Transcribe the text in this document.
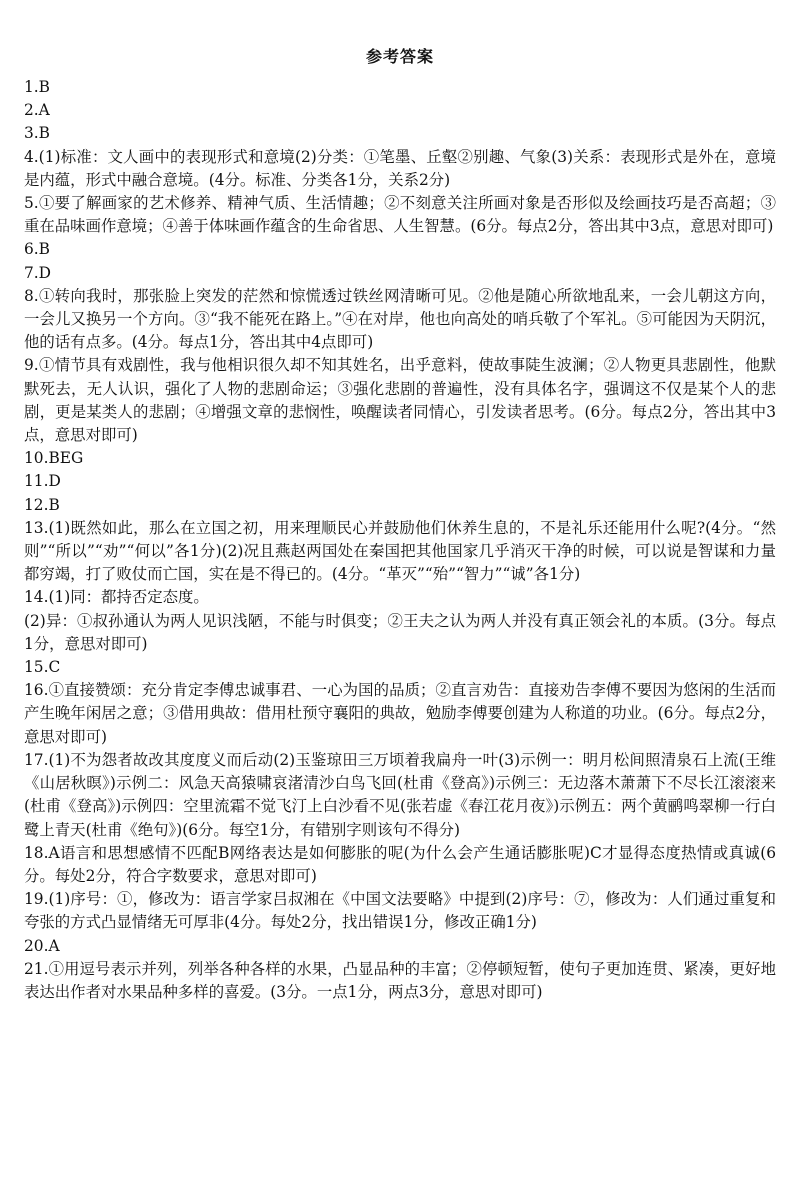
参考答案
1.B
2.A
3.B
4.(1)标准：文人画中的表现形式和意境(2)分类：①笔墨、丘壑②别趣、气象(3)关系：表现形式是外在，意境是内蕴，形式中融合意境。(4分。标准、分类各1分，关系2分)
5.①要了解画家的艺术修养、精神气质、生活情趣；②不刻意关注所画对象是否形似及绘画技巧是否高超；③重在品味画作意境；④善于体味画作蕴含的生命省思、人生智慧。(6分。每点2分，答出其中3点，意思对即可)
6.B
7.D
8.①转向我时，那张脸上突发的茫然和惊慌透过铁丝网清晰可见。②他是随心所欲地乱来，一会儿朝这方向，一会儿又换另一个方向。③“我不能死在路上。”④在对岸，他也向高处的哨兵敬了个军礼。⑤可能因为天阴沉，他的话有点多。(4分。每点1分，答出其中4点即可)
9.①情节具有戏剧性，我与他相识很久却不知其姓名，出乎意料，使故事陡生波澜；②人物更具悲剧性，他默默死去，无人认识，强化了人物的悲剧命运；③强化悲剧的普遍性，没有具体名字，强调这不仅是某个人的悲剧，更是某类人的悲剧；④增强文章的悲悯性，唤醒读者同情心，引发读者思考。(6分。每点2分，答出其中3点，意思对即可)
10.BEG
11.D
12.B
13.(1)既然如此，那么在立国之初，用来理顺民心并鼓励他们休养生息的，不是礼乐还能用什么呢?(4分。“然则”“所以”“劝”“何以”各1分)(2)况且燕赵两国处在秦国把其他国家几乎消灭干净的时候，可以说是智谋和力量都穷竭，打了败仗而亡国，实在是不得已的。(4分。“革灭”“殆”“智力”“诚”各1分)
14.(1)同：都持否定态度。
(2)异：①叔孙通认为两人见识浅陋，不能与时俱变；②王夫之认为两人并没有真正领会礼的本质。(3分。每点1分，意思对即可)
15.C
16.①直接赞颂：充分肯定李傅忠诚事君、一心为国的品质；②直言劝告：直接劝告李傅不要因为悠闲的生活而产生晚年闲居之意；③借用典故：借用杜预守襄阳的典故，勉励李傅要创建为人称道的功业。(6分。每点2分，意思对即可)
17.(1)不为怨者故改其度度义而后动(2)玉鉴琼田三万顷着我扁舟一叶(3)示例一：明月松间照清泉石上流(王维《山居秋暝》)示例二：风急天高猿啸哀渚清沙白鸟飞回(杜甫《登高》)示例三：无边落木萧萧下不尽长江滚滚来(杜甫《登高》)示例四：空里流霜不觉飞汀上白沙看不见(张若虚《春江花月夜》)示例五：两个黄鹂鸣翠柳一行白鹭上青天(杜甫《绝句》)(6分。每空1分，有错别字则该句不得分)
18.A语言和思想感情不匹配B网络表达是如何膨胀的呢(为什么会产生通话膨胀呢)C才显得态度热情或真诚(6分。每处2分，符合字数要求，意思对即可)
19.(1)序号：①，修改为：语言学家吕叔湘在《中国文法要略》中提到(2)序号：⑦，修改为：人们通过重复和夸张的方式凸显情绪无可厚非(4分。每处2分，找出错误1分，修改正确1分)
20.A
21.①用逗号表示并列，列举各种各样的水果，凸显品种的丰富；②停顿短暂，使句子更加连贯、紧凑，更好地表达出作者对水果品种多样的喜爱。(3分。一点1分，两点3分，意思对即可)
